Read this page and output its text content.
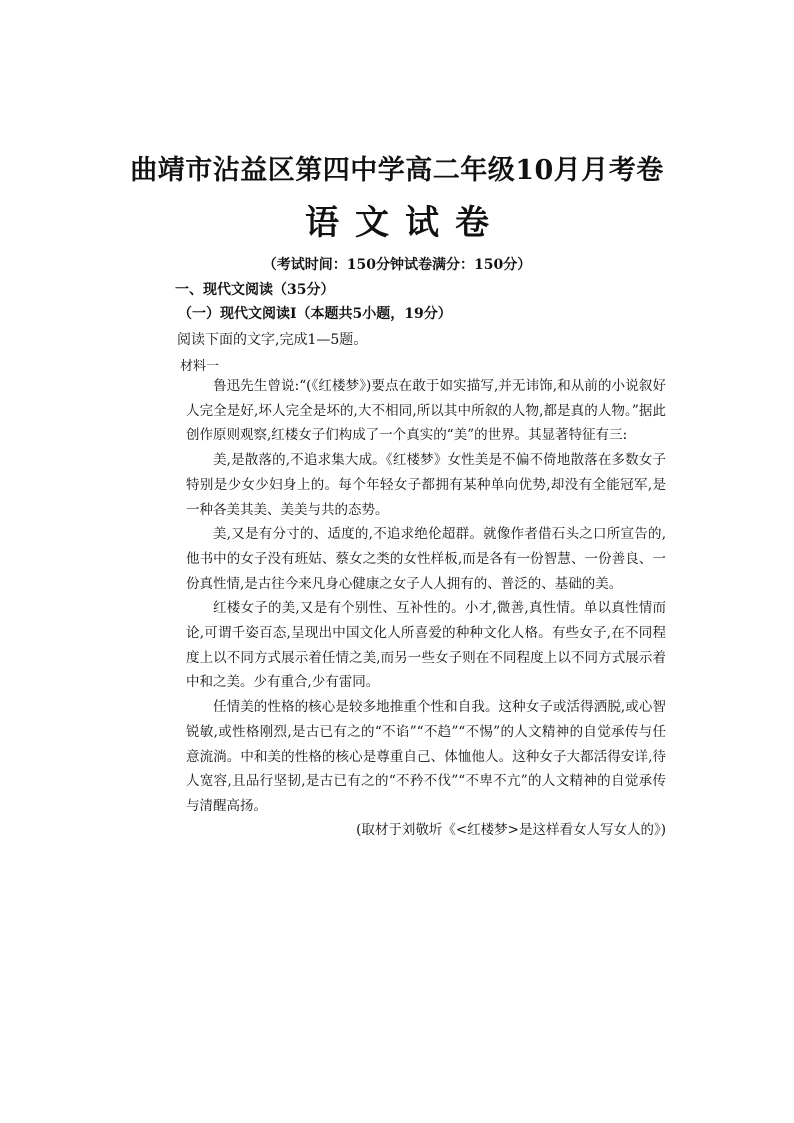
曲靖市沾益区第四中学高二年级10月月考卷
语文试卷
（考试时间：150分钟试卷满分：150分）
一、现代文阅读（35分）
（一）现代文阅读Ⅰ（本题共5小题，19分）
阅读下面的文字,完成1—5题。
材料一

鲁迅先生曾说:“(《红楼梦》)要点在敢于如实描写,并无讳饰,和从前的小说叙好人完全是好,坏人完全是坏的,大不相同,所以其中所叙的人物,都是真的人物。”据此创作原则观察,红楼女子们构成了一个真实的“美”的世界。其显著特征有三:

美,是散落的,不追求集大成。《红楼梦》女性美是不偏不倚地散落在多数女子特别是少女少妇身上的。每个年轻女子都拥有某种单向优势,却没有全能冠军,是一种各美其美、美美与共的态势。

美,又是有分寸的、适度的,不追求绝伦超群。就像作者借石头之口所宣告的,他书中的女子没有班姑、蔡女之类的女性样板,而是各有一份智慧、一份善良、一份真性情,是古往今来凡身心健康之女子人人拥有的、普泛的、基础的美。

红楼女子的美,又是有个别性、互补性的。小才,微善,真性情。单以真性情而论,可谓千姿百态,呈现出中国文化人所喜爱的种种文化人格。有些女子,在不同程度上以不同方式展示着任情之美,而另一些女子则在不同程度上以不同方式展示着中和之美。少有重合,少有雷同。

任情美的性格的核心是较多地推重个性和自我。这种女子或活得洒脱,或心智锐敏,或性格刚烈,是古已有之的“不谄”“不趋”“不惕”的人文精神的自觉承传与任意流淌。中和美的性格的核心是尊重自己、体恤他人。这种女子大都活得安详,待人宽容,且品行坚韧,是古已有之的“不矜不伐”“不卑不亢”的人文精神的自觉承传与清醒高扬。

(取材于刘敬圻《<红楼梦>是这样看女人写女人的》)
